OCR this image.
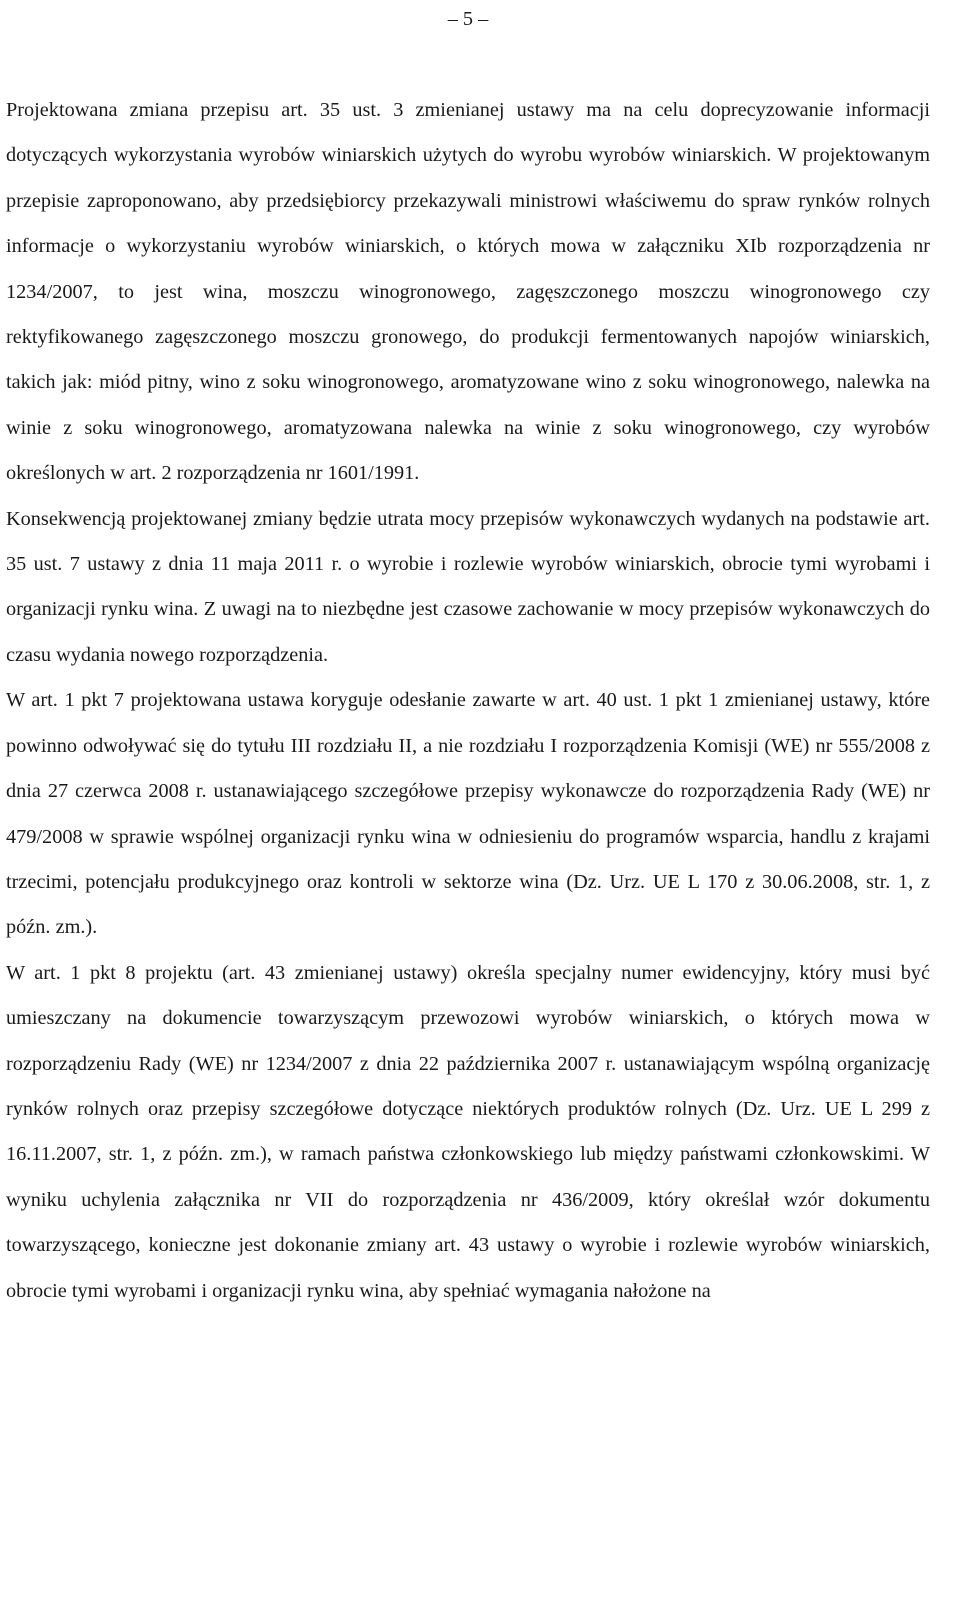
– 5 –

Projektowana zmiana przepisu art. 35 ust. 3 zmienianej ustawy ma na celu doprecyzowanie informacji dotyczących wykorzystania wyrobów winiarskich użytych do wyrobu wyrobów winiarskich. W projektowanym przepisie zaproponowano, aby przedsiębiorcy przekazywali ministrowi właściwemu do spraw rynków rolnych informacje o wykorzystaniu wyrobów winiarskich, o których mowa w załączniku XIb rozporządzenia nr 1234/2007, to jest wina, moszczu winogronowego, zagęszczonego moszczu winogronowego czy rektyfikowanego zagęszczonego moszczu gronowego, do produkcji fermentowanych napojów winiarskich, takich jak: miód pitny, wino z soku winogronowego, aromatyzowane wino z soku winogronowego, nalewka na winie z soku winogronowego, aromatyzowana nalewka na winie z soku winogronowego, czy wyrobów określonych w art. 2 rozporządzenia nr 1601/1991.

Konsekwencją projektowanej zmiany będzie utrata mocy przepisów wykonawczych wydanych na podstawie art. 35 ust. 7 ustawy z dnia 11 maja 2011 r. o wyrobie i rozlewie wyrobów winiarskich, obrocie tymi wyrobami i organizacji rynku wina. Z uwagi na to niezbędne jest czasowe zachowanie w mocy przepisów wykonawczych do czasu wydania nowego rozporządzenia.

W art. 1 pkt 7 projektowana ustawa koryguje odesłanie zawarte w art. 40 ust. 1 pkt 1 zmienianej ustawy, które powinno odwoływać się do tytułu III rozdziału II, a nie rozdziału I rozporządzenia Komisji (WE) nr 555/2008 z dnia 27 czerwca 2008 r. ustanawiającego szczegółowe przepisy wykonawcze do rozporządzenia Rady (WE) nr 479/2008 w sprawie wspólnej organizacji rynku wina w odniesieniu do programów wsparcia, handlu z krajami trzecimi, potencjału produkcyjnego oraz kontroli w sektorze wina (Dz. Urz. UE L 170 z 30.06.2008, str. 1, z późn. zm.).

W art. 1 pkt 8 projektu (art. 43 zmienianej ustawy) określa specjalny numer ewidencyjny, który musi być umieszczany na dokumencie towarzyszącym przewozowi wyrobów winiarskich, o których mowa w rozporządzeniu Rady (WE) nr 1234/2007 z dnia 22 października 2007 r. ustanawiającym wspólną organizację rynków rolnych oraz przepisy szczegółowe dotyczące niektórych produktów rolnych (Dz. Urz. UE L 299 z 16.11.2007, str. 1, z późn. zm.), w ramach państwa członkowskiego lub między państwami członkowskimi. W wyniku uchylenia załącznika nr VII do rozporządzenia nr 436/2009, który określał wzór dokumentu towarzyszącego, konieczne jest dokonanie zmiany art. 43 ustawy o wyrobie i rozlewie wyrobów winiarskich, obrocie tymi wyrobami i organizacji rynku wina, aby spełniać wymagania nałożone na
